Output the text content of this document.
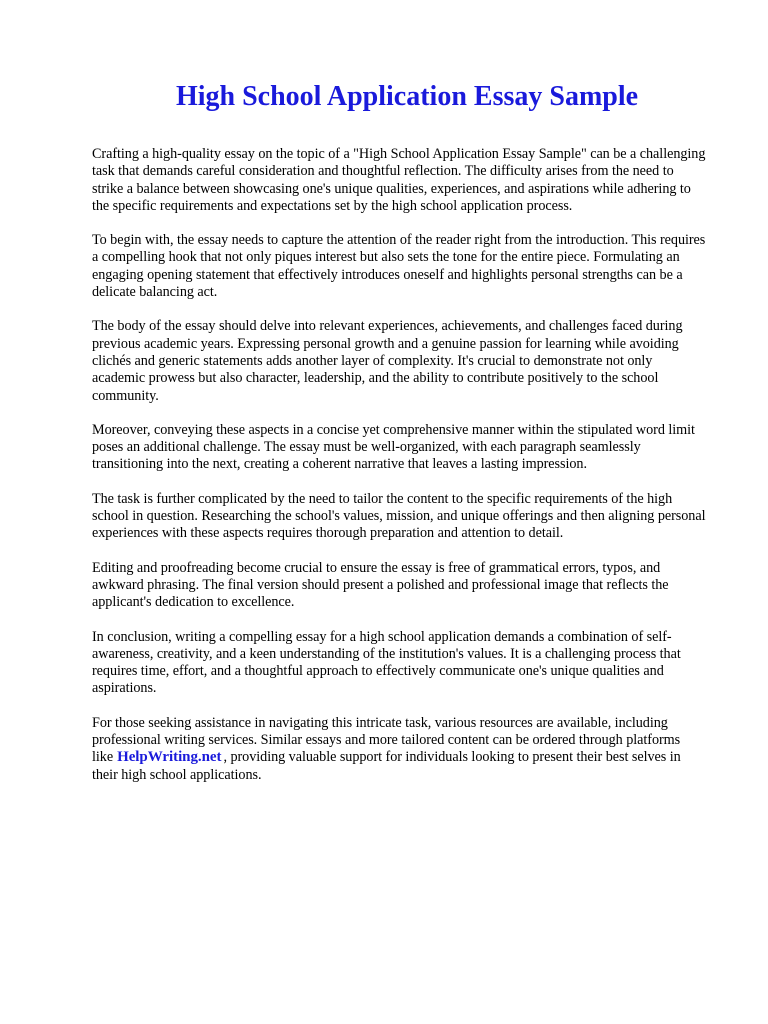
High School Application Essay Sample

Crafting a high-quality essay on the topic of a "High School Application Essay Sample" can be a challenging task that demands careful consideration and thoughtful reflection. The difficulty arises from the need to strike a balance between showcasing one's unique qualities, experiences, and aspirations while adhering to the specific requirements and expectations set by the high school application process.

To begin with, the essay needs to capture the attention of the reader right from the introduction. This requires a compelling hook that not only piques interest but also sets the tone for the entire piece. Formulating an engaging opening statement that effectively introduces oneself and highlights personal strengths can be a delicate balancing act.

The body of the essay should delve into relevant experiences, achievements, and challenges faced during previous academic years. Expressing personal growth and a genuine passion for learning while avoiding clichés and generic statements adds another layer of complexity. It's crucial to demonstrate not only academic prowess but also character, leadership, and the ability to contribute positively to the school community.

Moreover, conveying these aspects in a concise yet comprehensive manner within the stipulated word limit poses an additional challenge. The essay must be well-organized, with each paragraph seamlessly transitioning into the next, creating a coherent narrative that leaves a lasting impression.

The task is further complicated by the need to tailor the content to the specific requirements of the high school in question. Researching the school's values, mission, and unique offerings and then aligning personal experiences with these aspects requires thorough preparation and attention to detail.

Editing and proofreading become crucial to ensure the essay is free of grammatical errors, typos, and awkward phrasing. The final version should present a polished and professional image that reflects the applicant's dedication to excellence.

In conclusion, writing a compelling essay for a high school application demands a combination of self-awareness, creativity, and a keen understanding of the institution's values. It is a challenging process that requires time, effort, and a thoughtful approach to effectively communicate one's unique qualities and aspirations.

For those seeking assistance in navigating this intricate task, various resources are available, including professional writing services. Similar essays and more tailored content can be ordered through platforms like HelpWriting.net , providing valuable support for individuals looking to present their best selves in their high school applications.
